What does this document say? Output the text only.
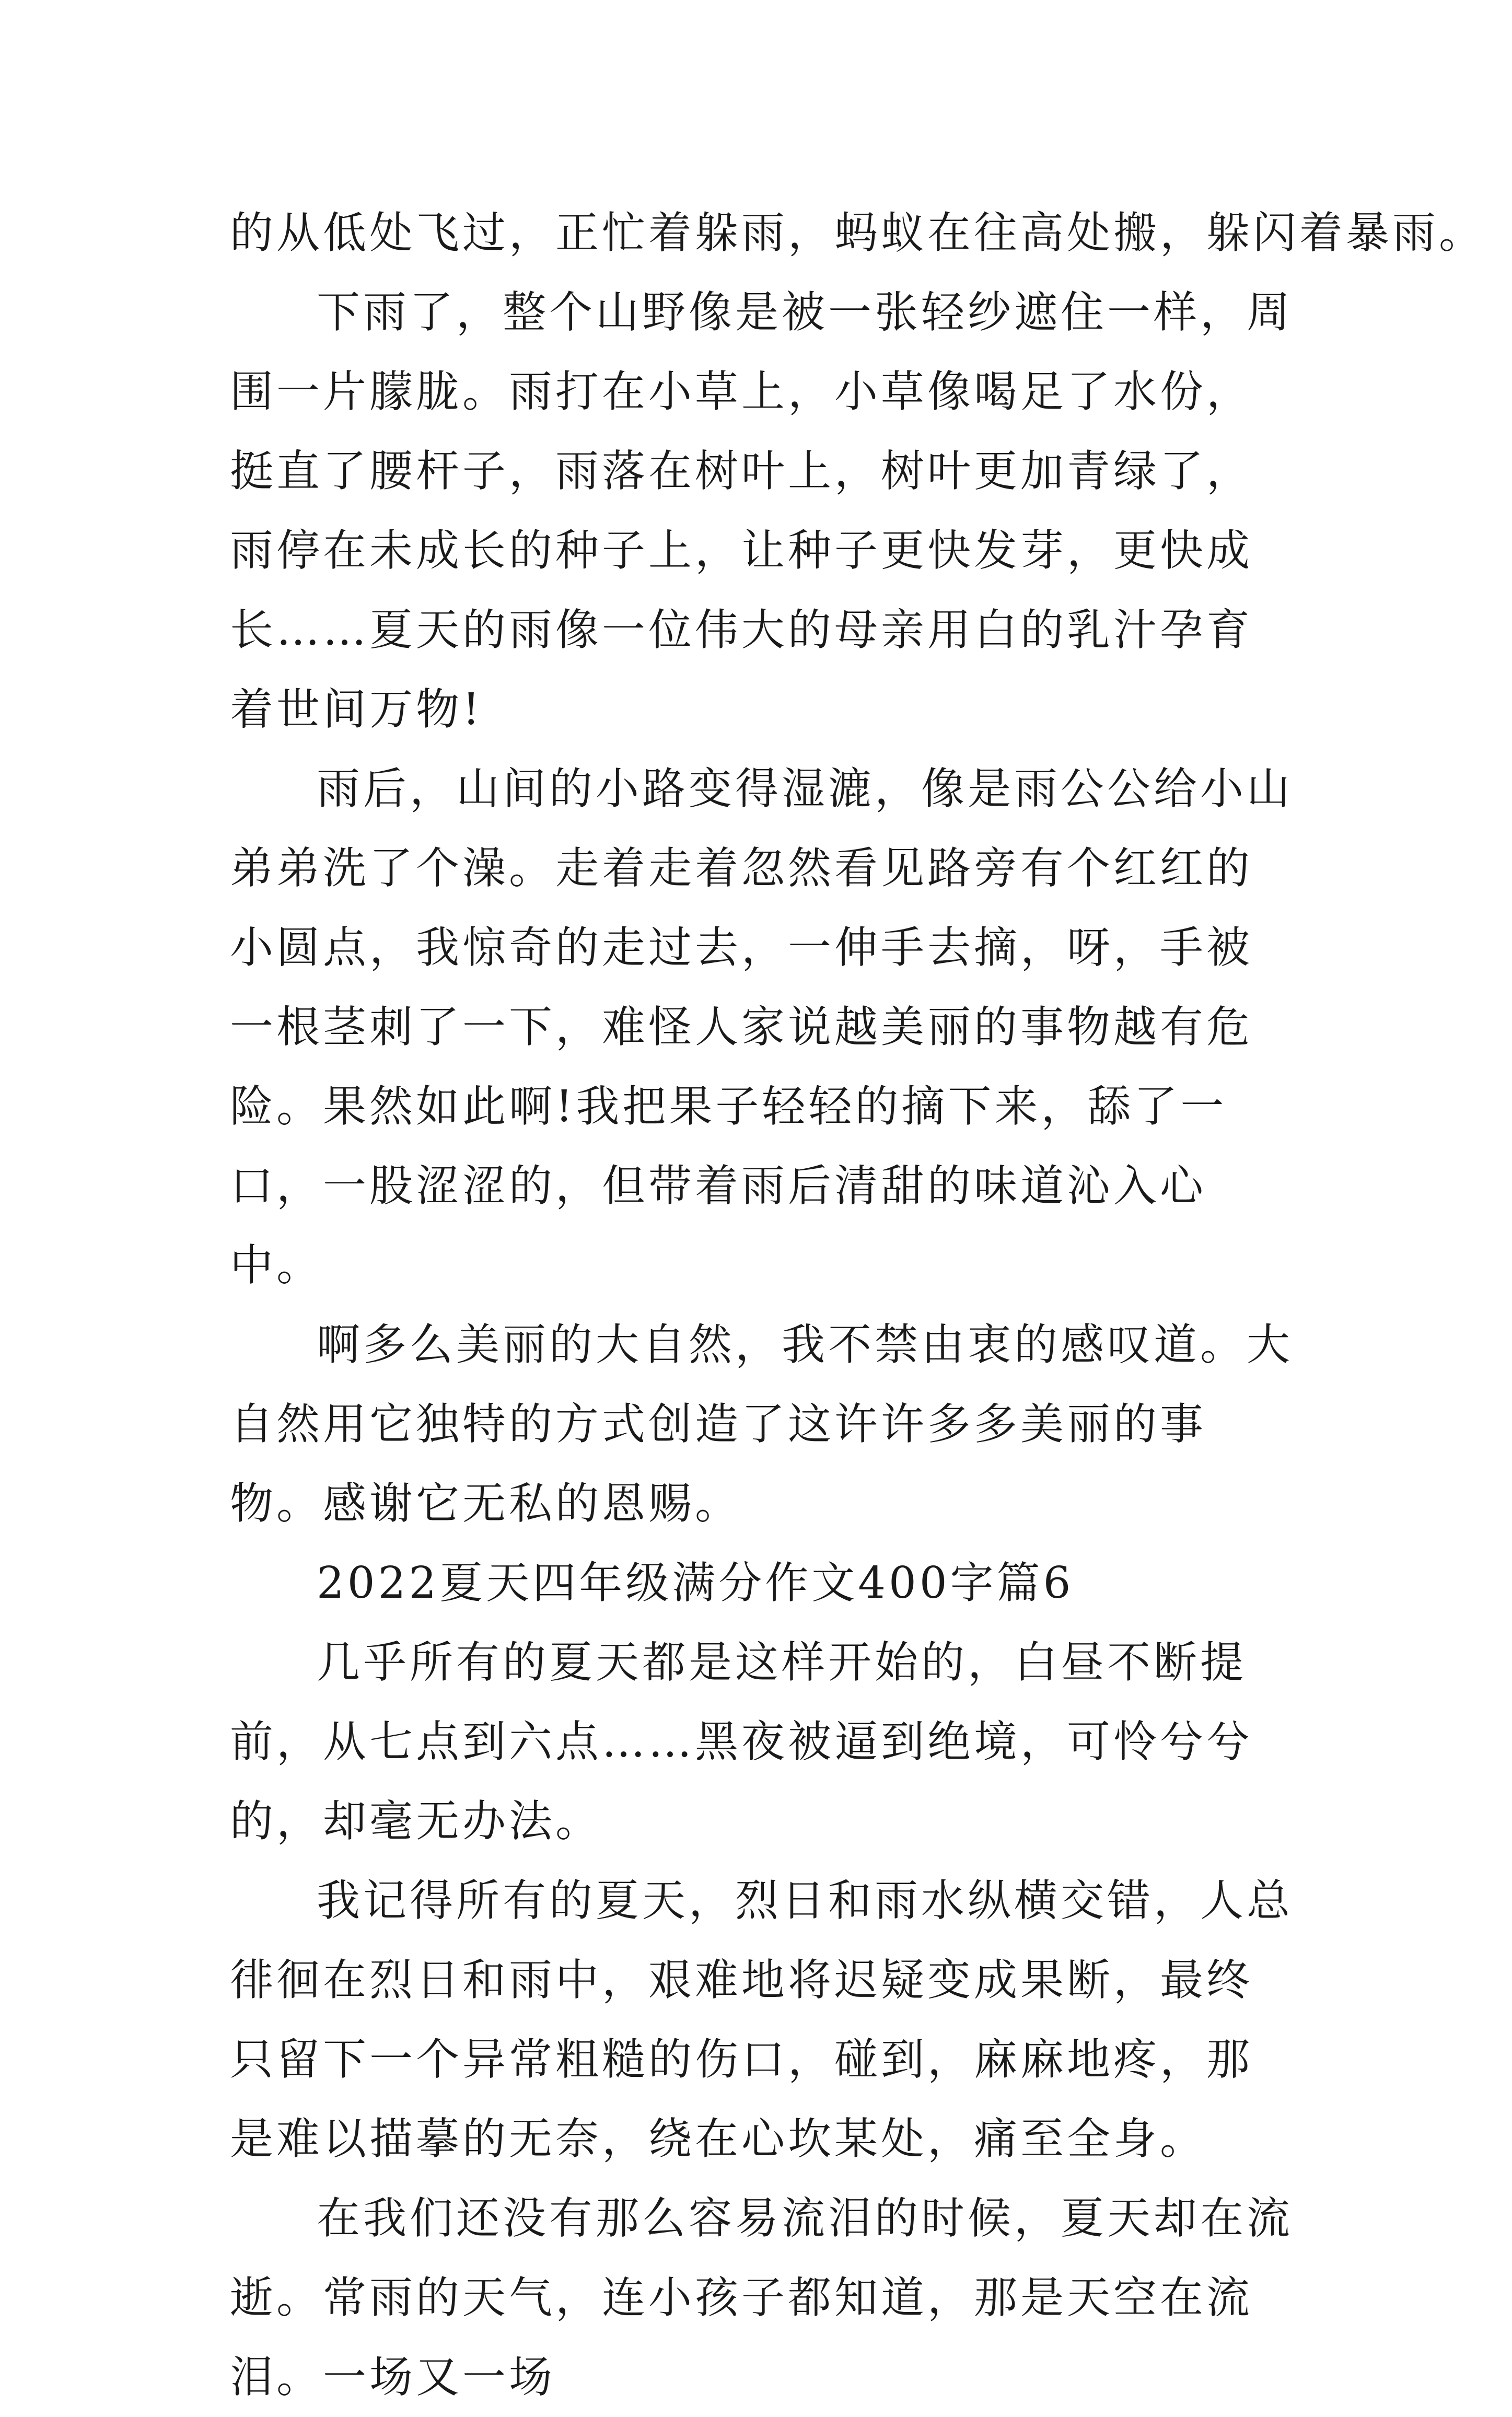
的从低处飞过，正忙着躲雨，蚂蚁在往高处搬，躲闪着暴雨。

下雨了，整个山野像是被一张轻纱遮住一样，周围一片朦胧。雨打在小草上，小草像喝足了水份，挺直了腰杆子，雨落在树叶上，树叶更加青绿了，雨停在未成长的种子上，让种子更快发芽，更快成长……夏天的雨像一位伟大的母亲用白的乳汁孕育着世间万物!

雨后，山间的小路变得湿漉，像是雨公公给小山弟弟洗了个澡。走着走着忽然看见路旁有个红红的小圆点，我惊奇的走过去，一伸手去摘，呀，手被一根茎刺了一下，难怪人家说越美丽的事物越有危险。果然如此啊!我把果子轻轻的摘下来，舔了一口，一股涩涩的，但带着雨后清甜的味道沁入心中。

啊多么美丽的大自然，我不禁由衷的感叹道。大自然用它独特的方式创造了这许许多多美丽的事物。感谢它无私的恩赐。

2022夏天四年级满分作文400字篇6

几乎所有的夏天都是这样开始的，白昼不断提前，从七点到六点……黑夜被逼到绝境，可怜兮兮的，却毫无办法。

我记得所有的夏天，烈日和雨水纵横交错，人总徘徊在烈日和雨中，艰难地将迟疑变成果断，最终只留下一个异常粗糙的伤口，碰到，麻麻地疼，那是难以描摹的无奈，绕在心坎某处，痛至全身。

在我们还没有那么容易流泪的时候，夏天却在流逝。常雨的天气，连小孩子都知道，那是天空在流泪。一场又一场
